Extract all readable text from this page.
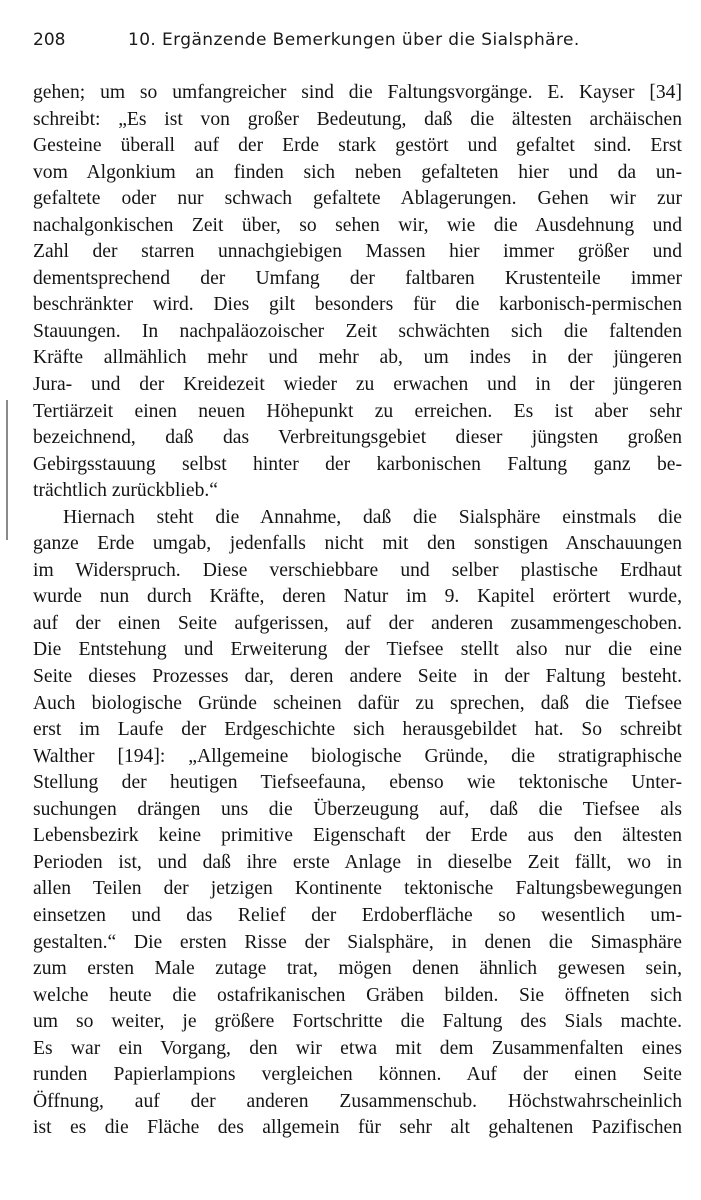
208	10. Ergänzende Bemerkungen über die Sialsphäre.

gehen; um so umfangreicher sind die Faltungsvorgänge. E. Kayser [34]

schreibt: „Es ist von großer Bedeutung, daß die ältesten archäischen

Gesteine überall auf der Erde stark gestört und gefaltet sind. Erst

vom Algonkium an finden sich neben gefalteten hier und da un-

gefaltete oder nur schwach gefaltete Ablagerungen. Gehen wir zur

nachalgonkischen Zeit über, so sehen wir, wie die Ausdehnung und

Zahl der starren unnachgiebigen Massen hier immer größer und

dementsprechend der Umfang der faltbaren Krustenteile immer

beschränkter wird. Dies gilt besonders für die karbonisch-permischen

Stauungen. In nachpaläozoischer Zeit schwächten sich die faltenden

Kräfte allmählich mehr und mehr ab, um indes in der jüngeren

Jura- und der Kreidezeit wieder zu erwachen und in der jüngeren

Tertiärzeit einen neuen Höhepunkt zu erreichen. Es ist aber sehr

bezeichnend, daß das Verbreitungsgebiet dieser jüngsten großen

Gebirgsstauung selbst hinter der karbonischen Faltung ganz be-

trächtlich zurückblieb.“

Hiernach steht die Annahme, daß die Sialsphäre einstmals die

ganze Erde umgab, jedenfalls nicht mit den sonstigen Anschauungen

im Widerspruch. Diese verschiebbare und selber plastische Erdhaut

wurde nun durch Kräfte, deren Natur im 9. Kapitel erörtert wurde,

auf der einen Seite aufgerissen, auf der anderen zusammengeschoben.

Die Entstehung und Erweiterung der Tiefsee stellt also nur die eine

Seite dieses Prozesses dar, deren andere Seite in der Faltung besteht.

Auch biologische Gründe scheinen dafür zu sprechen, daß die Tiefsee

erst im Laufe der Erdgeschichte sich herausgebildet hat. So schreibt

Walther [194]: „Allgemeine biologische Gründe, die stratigraphische

Stellung der heutigen Tiefseefauna, ebenso wie tektonische Unter-

suchungen drängen uns die Überzeugung auf, daß die Tiefsee als

Lebensbezirk keine primitive Eigenschaft der Erde aus den ältesten

Perioden ist, und daß ihre erste Anlage in dieselbe Zeit fällt, wo in

allen Teilen der jetzigen Kontinente tektonische Faltungsbewegungen

einsetzen und das Relief der Erdoberfläche so wesentlich um-

gestalten.“ Die ersten Risse der Sialsphäre, in denen die Simasphäre

zum ersten Male zutage trat, mögen denen ähnlich gewesen sein,

welche heute die ostafrikanischen Gräben bilden. Sie öffneten sich

um so weiter, je größere Fortschritte die Faltung des Sials machte.

Es war ein Vorgang, den wir etwa mit dem Zusammenfalten eines

runden Papierlampions vergleichen können. Auf der einen Seite

Öffnung, auf der anderen Zusammenschub. Höchstwahrscheinlich

ist es die Fläche des allgemein für sehr alt gehaltenen Pazifischen
